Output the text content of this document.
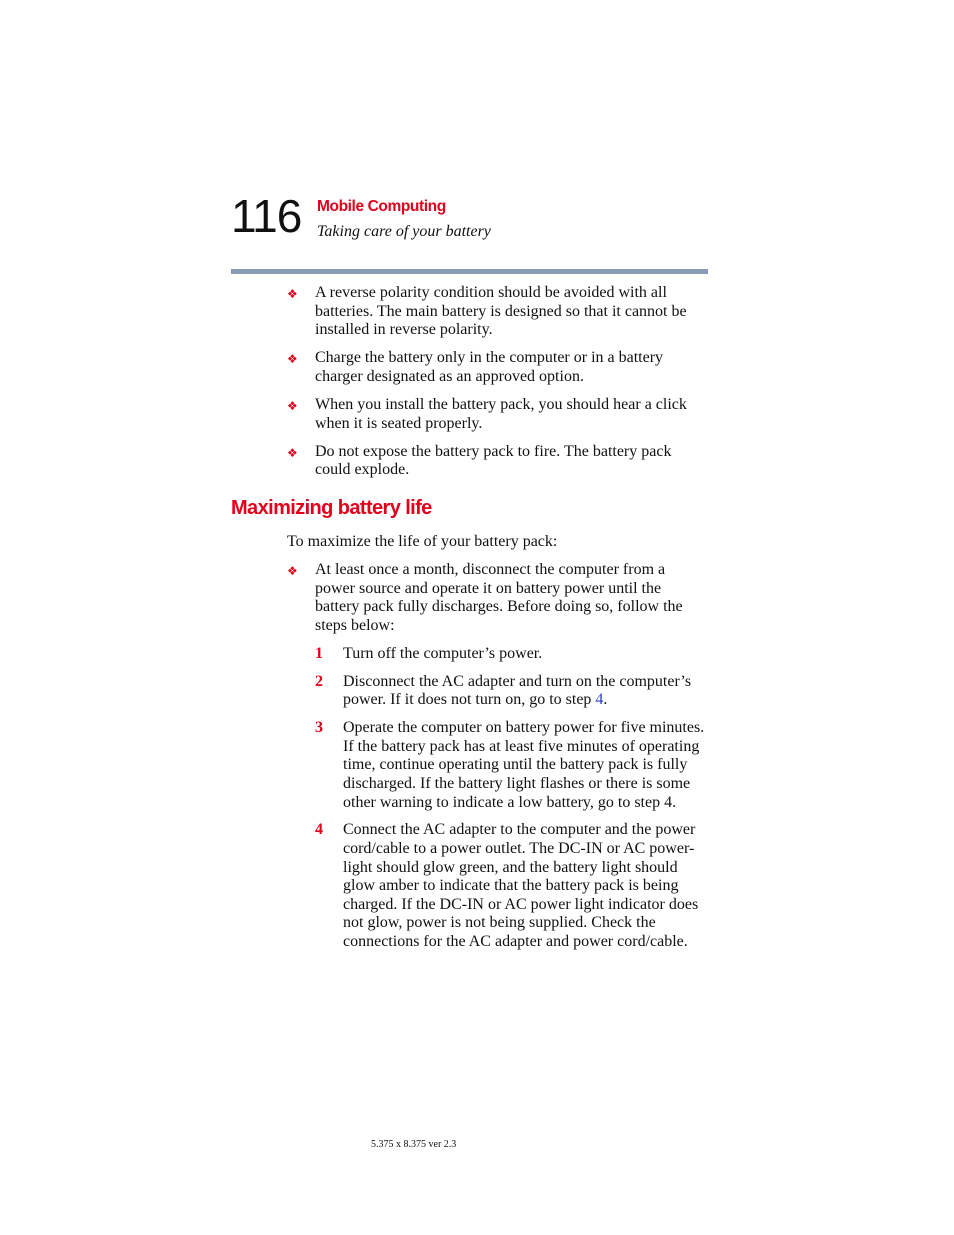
116 Mobile Computing
Taking care of your battery
❖ A reverse polarity condition should be avoided with all batteries. The main battery is designed so that it cannot be installed in reverse polarity.
❖ Charge the battery only in the computer or in a battery charger designated as an approved option.
❖ When you install the battery pack, you should hear a click when it is seated properly.
❖ Do not expose the battery pack to fire. The battery pack could explode.
Maximizing battery life
To maximize the life of your battery pack:
❖ At least once a month, disconnect the computer from a power source and operate it on battery power until the battery pack fully discharges. Before doing so, follow the steps below:
1 Turn off the computer’s power.
2 Disconnect the AC adapter and turn on the computer’s power. If it does not turn on, go to step 4.
3 Operate the computer on battery power for five minutes. If the battery pack has at least five minutes of operating time, continue operating until the battery pack is fully discharged. If the battery light flashes or there is some other warning to indicate a low battery, go to step 4.
4 Connect the AC adapter to the computer and the power cord/cable to a power outlet. The DC-IN or AC power-light should glow green, and the battery light should glow amber to indicate that the battery pack is being charged. If the DC-IN or AC power light indicator does not glow, power is not being supplied. Check the connections for the AC adapter and power cord/cable.
5.375 x 8.375 ver 2.3
